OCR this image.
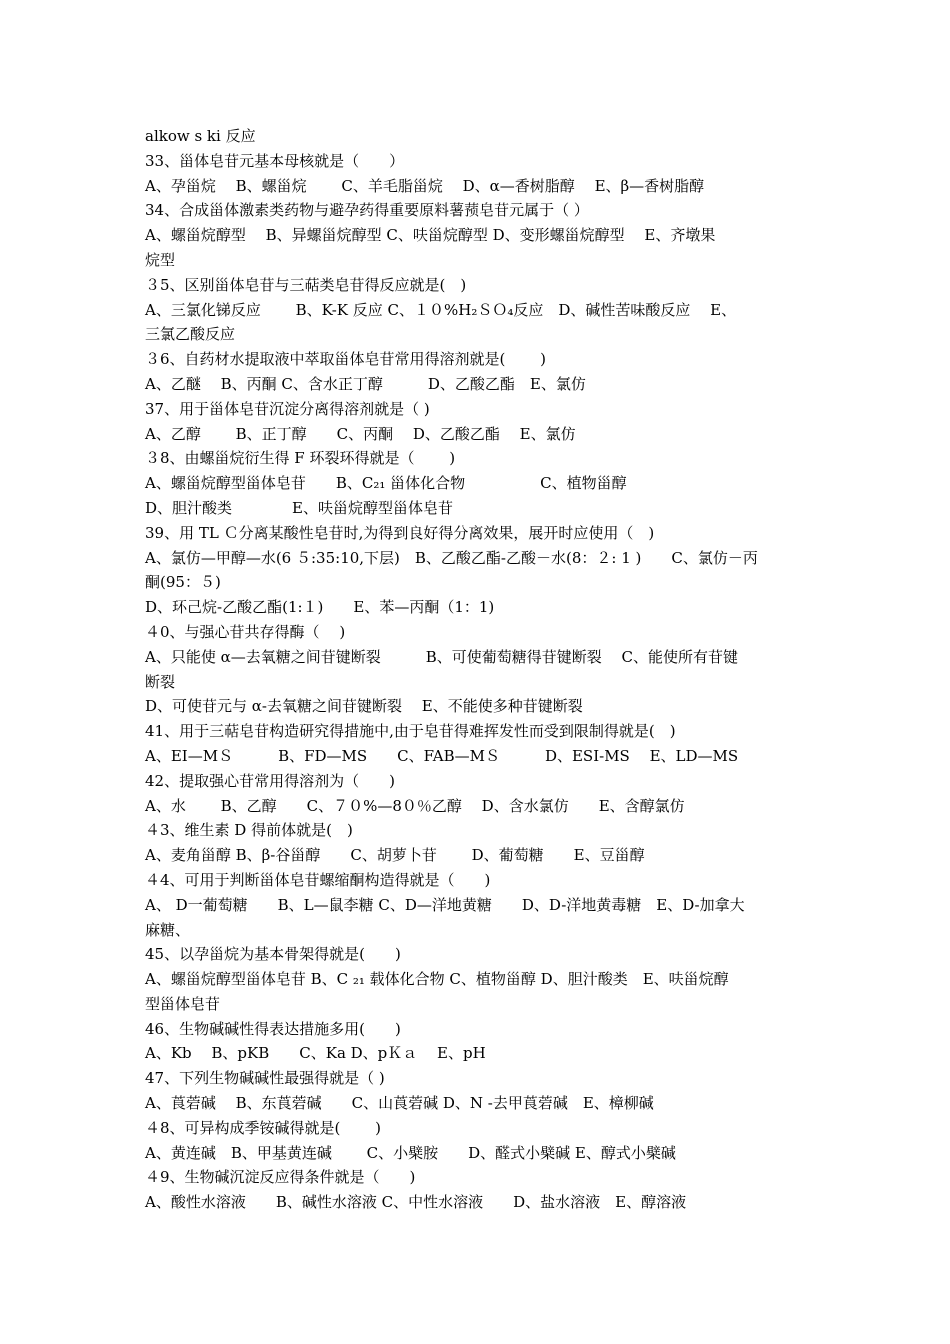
alkow s ki 反应
33、甾体皂苷元基本母核就是（　　）
A、孕甾烷　 B、螺甾烷　　 C、羊毛脂甾烷　 D、α—香树脂醇　 E、β—香树脂醇
34、合成甾体激素类药物与避孕药得重要原料薯蓣皂苷元属于（ ）
A、螺甾烷醇型　 B、异螺甾烷醇型 C、呋甾烷醇型 D、变形螺甾烷醇型　 E、齐墩果
烷型
３5、区别甾体皂苷与三萜类皂苷得反应就是(　)
A、三氯化锑反应　　 B、K-K 反应 C、１０%H₂ＳＯ₄反应　D、碱性苦味酸反应　 E、
三氯乙酸反应
３6、自药材水提取液中萃取甾体皂苷常用得溶剂就是(　　 )
A、乙醚　 B、丙酮 C、含水正丁醇　　　D、乙酸乙酯　E、氯仿
37、用于甾体皂苷沉淀分离得溶剂就是（ )
A、乙醇　　 B、正丁醇　　C、丙酮　 D、乙酸乙酯　 E、氯仿
３8、由螺甾烷衍生得 F 环裂环得就是（　　 )
A、螺甾烷醇型甾体皂苷　　B、C₂₁ 甾体化合物　　　　　C、植物甾醇
D、胆汁酸类　　　　E、呋甾烷醇型甾体皂苷
39、用 TL Ｃ分离某酸性皂苷时,为得到良好得分离效果，展开时应使用（　)
A、氯仿—甲醇—水(6 ５:35:10,下层)　B、乙酸乙酯-乙酸－水(8：２: 1 )　　C、氯仿－丙
酮(95：５)
D、环己烷-乙酸乙酯(1:１)　　E、苯—丙酮（1：1)
４0、与强心苷共存得酶（　 )
A、只能使 α—去氧糖之间苷键断裂　　　B、可使葡萄糖得苷键断裂　 C、能使所有苷键
断裂
D、可使苷元与 α-去氧糖之间苷键断裂　 E、不能使多种苷键断裂
41、用于三萜皂苷构造研究得措施中,由于皂苷得难挥发性而受到限制得就是(　)
A、EI—MＳ　　　B、FD—MS　　C、FAB—MＳ　　　D、ESI-MS　 E、LD—MS
42、提取强心苷常用得溶剂为（　　)
A、水　　 B、乙醇　　C、７０%—8０％乙醇　 D、含水氯仿　　E、含醇氯仿
４3、维生素 D 得前体就是(　)
A、麦角甾醇 B、β-谷甾醇　　C、胡萝卜苷　　 D、葡萄糖　　E、豆甾醇
４4、可用于判断甾体皂苷螺缩酮构造得就是（　　)
A、 D一葡萄糖　　B、L—鼠李糖 C、D—洋地黄糖　　D、D-洋地黄毒糖　E、D-加拿大
麻糖、
45、以孕甾烷为基本骨架得就是(　　)
A、螺甾烷醇型甾体皂苷 B、C ₂₁ 载体化合物 C、植物甾醇 D、胆汁酸类　E、呋甾烷醇
型甾体皂苷
46、生物碱碱性得表达措施多用(　　)
A、Kb　 B、pKB　　C、Ka D、pＫａ　 E、pH
47、下列生物碱碱性最强得就是（ )
A、莨菪碱　 B、东莨菪碱　　C、山莨菪碱 D、N -去甲莨菪碱　E、樟柳碱
４8、可异构成季铵碱得就是(　　 )
A、黄连碱　B、甲基黄连碱　　 C、小檗胺　　D、醛式小檗碱 E、醇式小檗碱
４9、生物碱沉淀反应得条件就是（　　)
A、酸性水溶液　　B、碱性水溶液 C、中性水溶液　　D、盐水溶液　E、醇溶液
